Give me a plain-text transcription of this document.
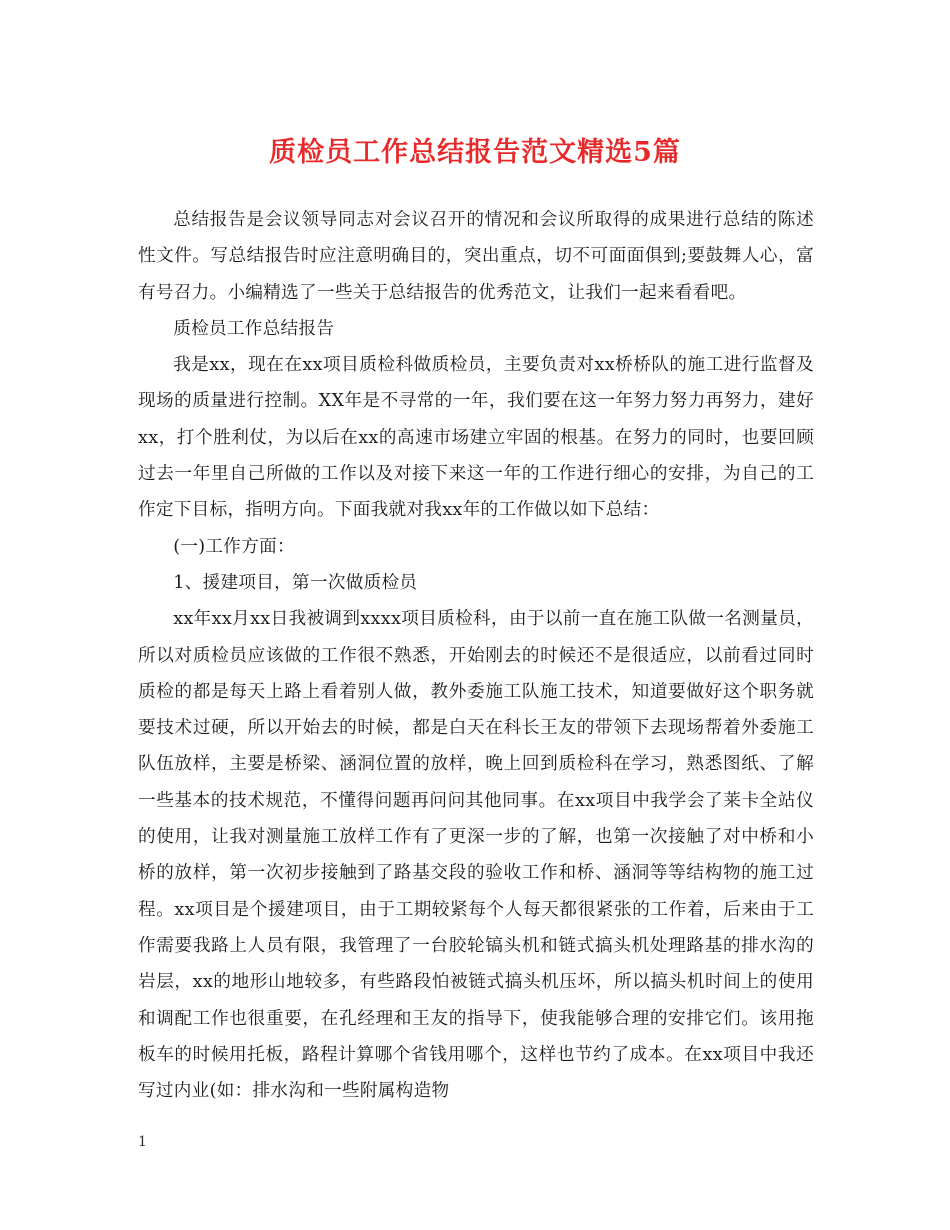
质检员工作总结报告范文精选5篇

总结报告是会议领导同志对会议召开的情况和会议所取得的成果进行总结的陈述性文件。写总结报告时应注意明确目的，突出重点，切不可面面俱到;要鼓舞人心，富有号召力。小编精选了一些关于总结报告的优秀范文，让我们一起来看看吧。

质检员工作总结报告

我是xx，现在在xx项目质检科做质检员，主要负责对xx桥桥队的施工进行监督及现场的质量进行控制。XX年是不寻常的一年，我们要在这一年努力努力再努力，建好xx，打个胜利仗，为以后在xx的高速市场建立牢固的根基。在努力的同时，也要回顾过去一年里自己所做的工作以及对接下来这一年的工作进行细心的安排，为自己的工作定下目标，指明方向。下面我就对我xx年的工作做以如下总结：

(一)工作方面：

1、援建项目，第一次做质检员

xx年xx月xx日我被调到xxxx项目质检科，由于以前一直在施工队做一名测量员，所以对质检员应该做的工作很不熟悉，开始刚去的时候还不是很适应，以前看过同时质检的都是每天上路上看着别人做，教外委施工队施工技术，知道要做好这个职务就要技术过硬，所以开始去的时候，都是白天在科长王友的带领下去现场帮着外委施工队伍放样，主要是桥梁、涵洞位置的放样，晚上回到质检科在学习，熟悉图纸、了解一些基本的技术规范，不懂得问题再问问其他同事。在xx项目中我学会了莱卡全站仪的使用，让我对测量施工放样工作有了更深一步的了解，也第一次接触了对中桥和小桥的放样，第一次初步接触到了路基交段的验收工作和桥、涵洞等等结构物的施工过程。xx项目是个援建项目，由于工期较紧每个人每天都很紧张的工作着，后来由于工作需要我路上人员有限，我管理了一台胶轮镐头机和链式搞头机处理路基的排水沟的岩层，xx的地形山地较多，有些路段怕被链式搞头机压坏，所以搞头机时间上的使用和调配工作也很重要，在孔经理和王友的指导下，使我能够合理的安排它们。该用拖板车的时候用托板，路程计算哪个省钱用哪个，这样也节约了成本。在xx项目中我还写过内业(如：排水沟和一些附属构造物

1
